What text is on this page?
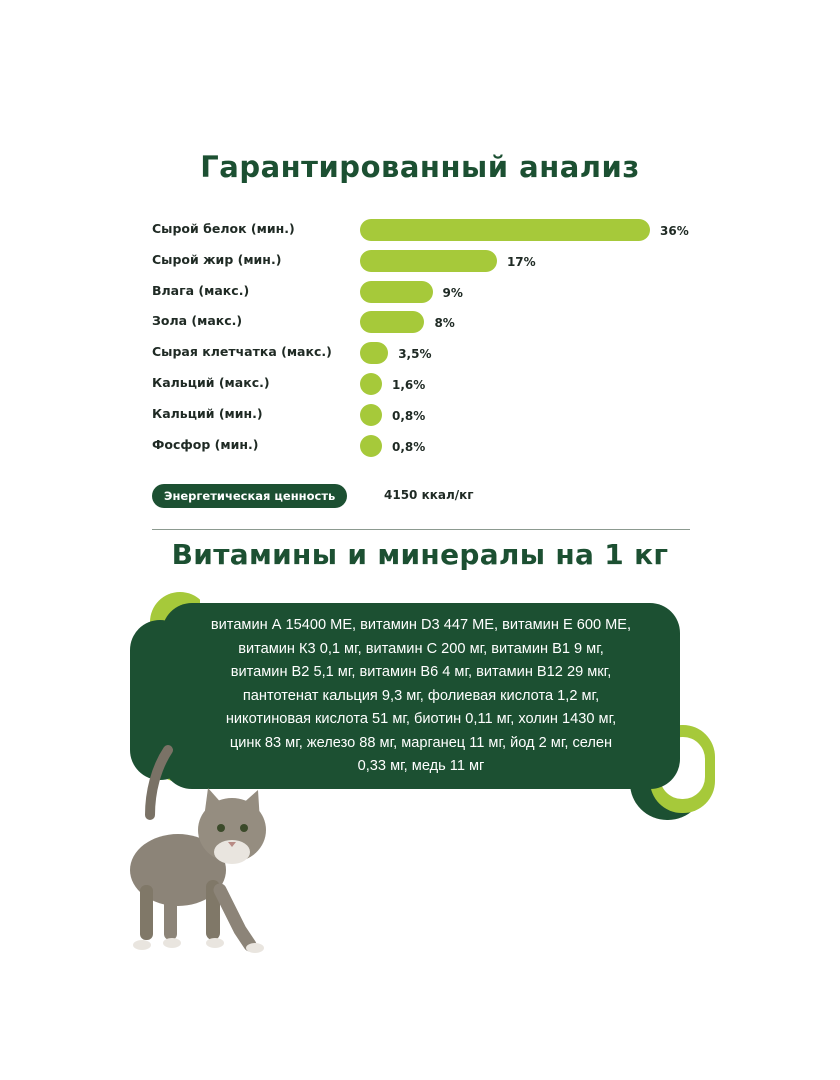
Гарантированный анализ
Сырой белок (мин.)	36%
Сырой жир (мин.)	17%
Влага (макс.)	9%
Зола (макс.)	8%
Сырая клетчатка (макс.)	3,5%
Кальций (макс.)	1,6%
Кальций (мин.)	0,8%
Фосфор (мин.)	0,8%
Энергетическая ценность	4150 ккал/кг
Витамины и минералы на 1 кг
витамин А 15400 МЕ, витамин D3 447 МЕ, витамин Е 600 МЕ,
витамин К3 0,1 мг, витамин С 200 мг, витамин В1 9 мг,
витамин В2 5,1 мг, витамин В6 4 мг, витамин В12 29 мкг,
пантотенат кальция 9,3 мг, фолиевая кислота 1,2 мг,
никотиновая кислота 51 мг, биотин 0,11 мг, холин 1430 мг,
цинк 83 мг, железо 88 мг, марганец 11 мг, йод 2 мг, селен
0,33 мг, медь 11 мг
